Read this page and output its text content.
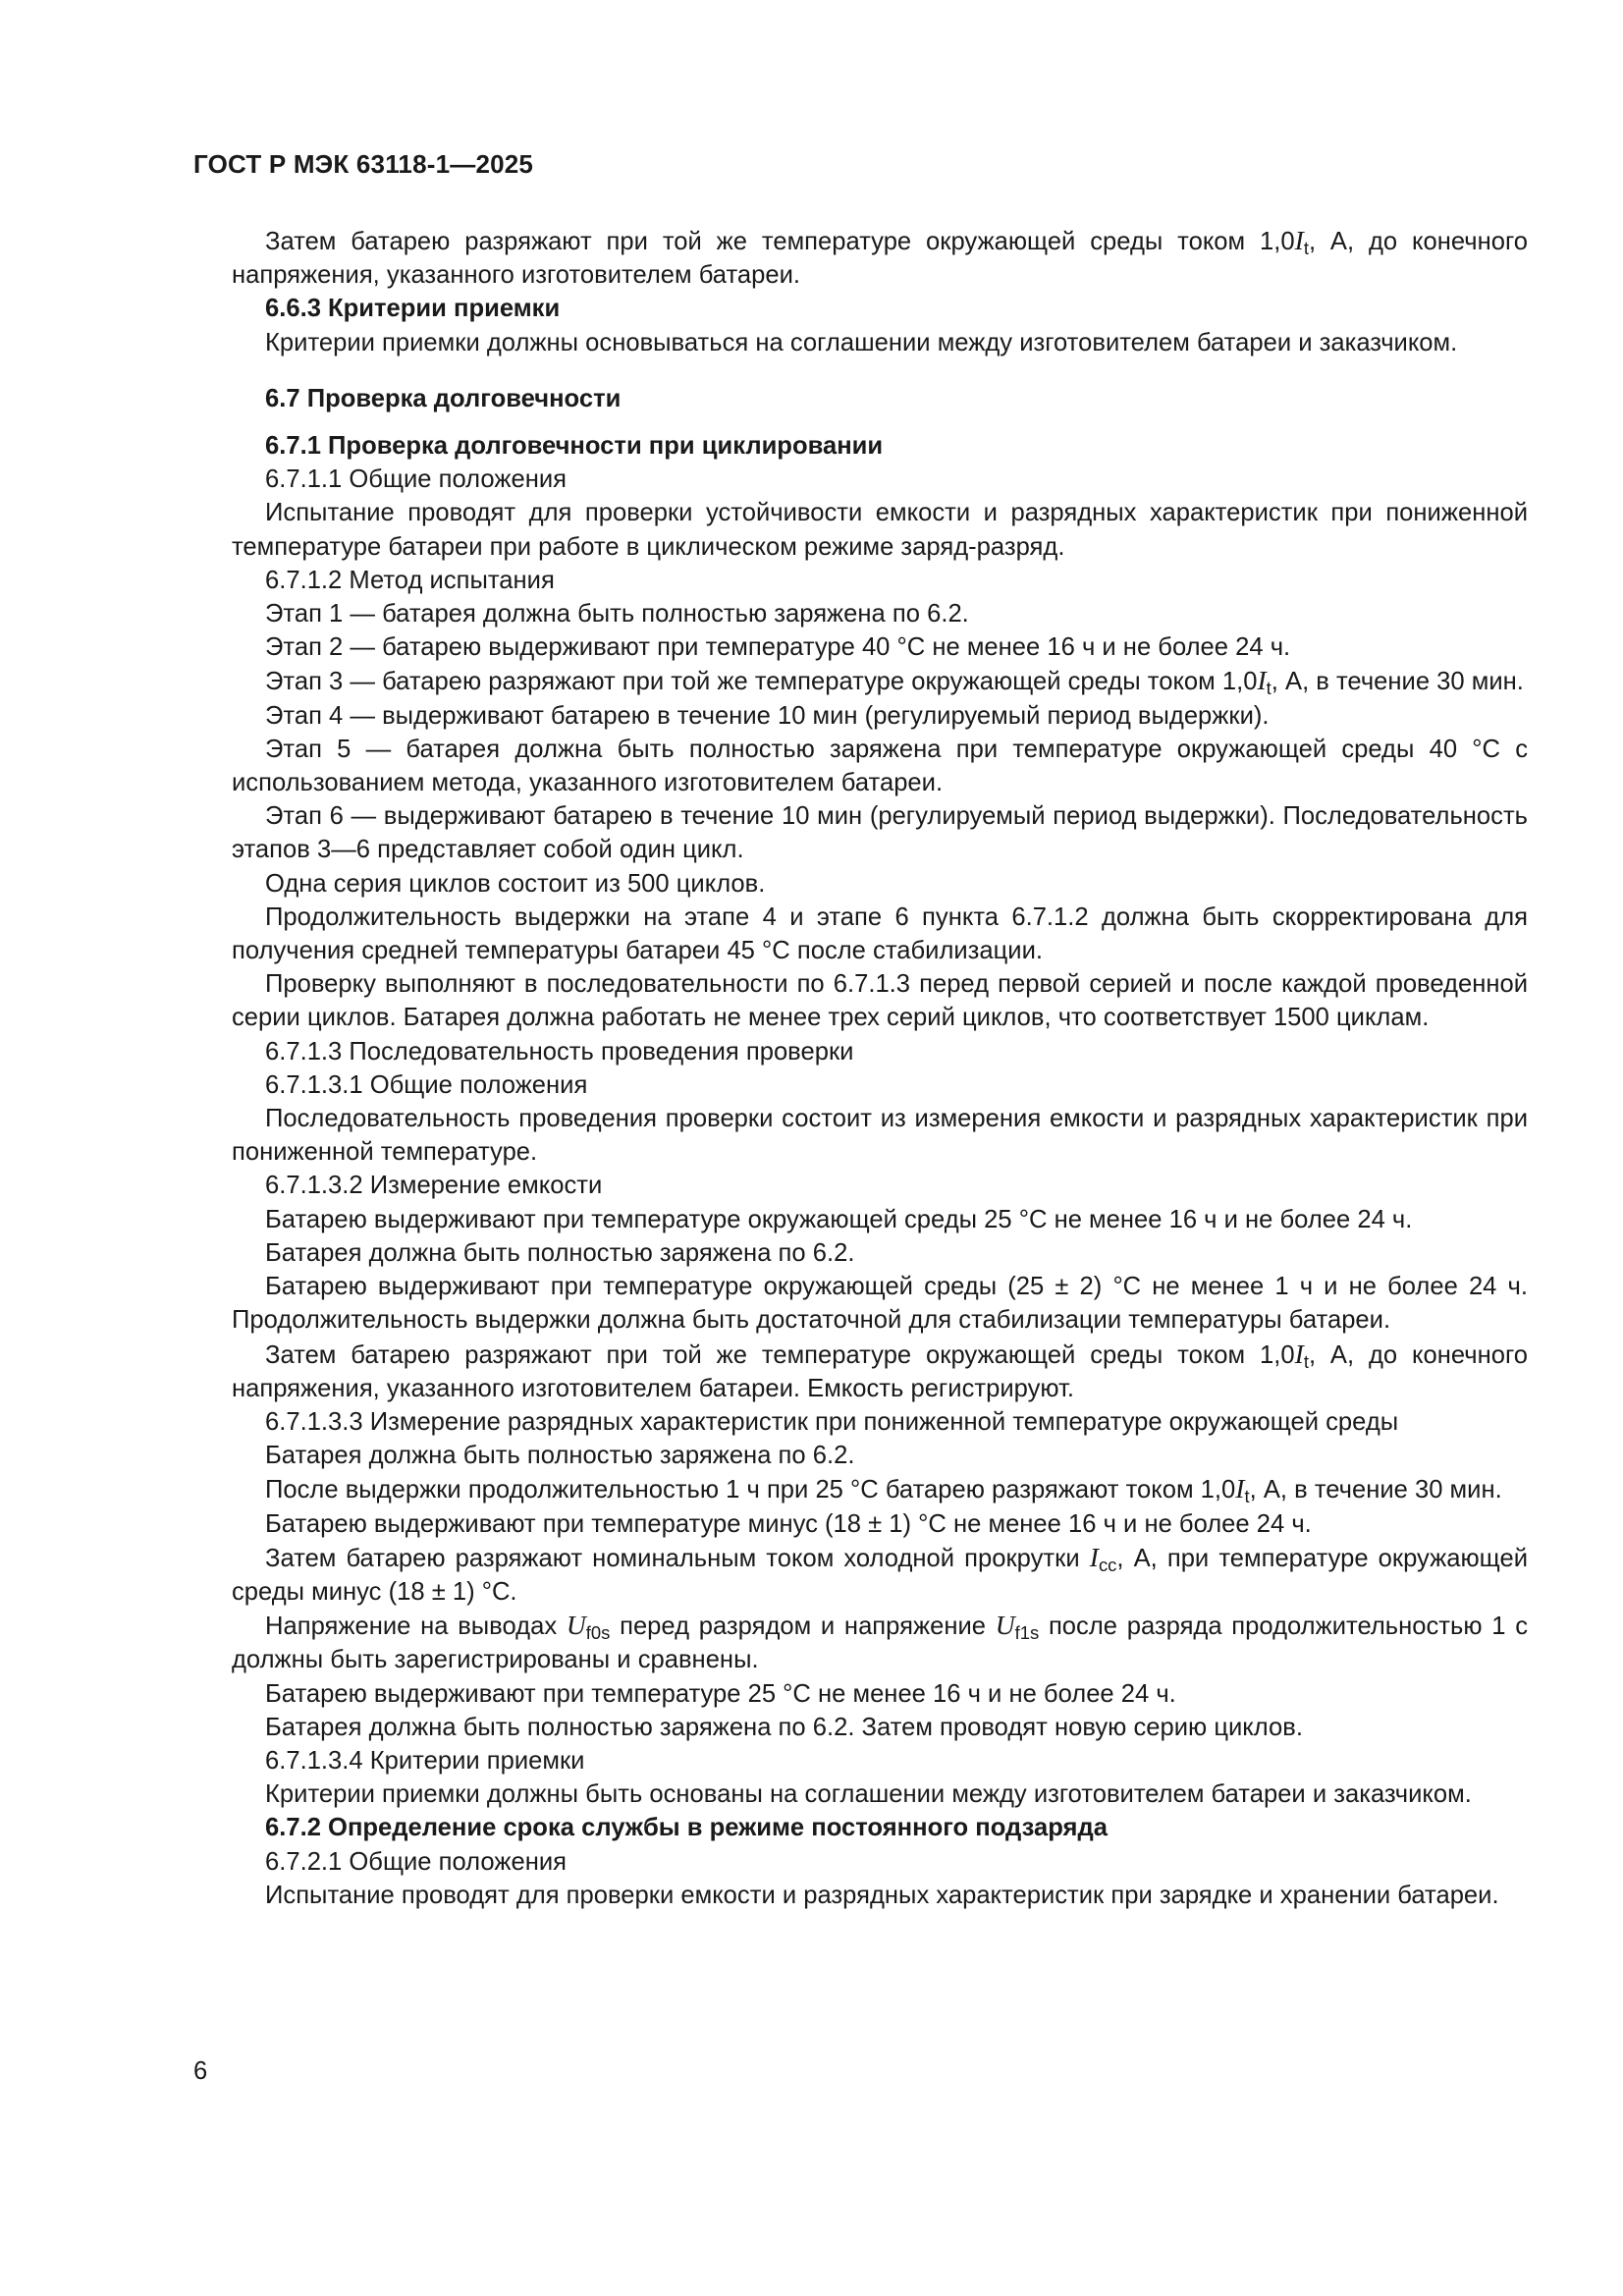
ГОСТ Р МЭК 63118-1—2025

Затем батарею разряжают при той же температуре окружающей среды током $1,0I_t$, А, до конечного напряжения, указанного изготовителем батареи.

6.6.3 Критерии приемки

Критерии приемки должны основываться на соглашении между изготовителем батареи и заказчиком.

6.7 Проверка долговечности

6.7.1 Проверка долговечности при циклировании

6.7.1.1 Общие положения

Испытание проводят для проверки устойчивости емкости и разрядных характеристик при пониженной температуре батареи при работе в циклическом режиме заряд-разряд.

6.7.1.2 Метод испытания

Этап 1 — батарея должна быть полностью заряжена по 6.2.

Этап 2 — батарею выдерживают при температуре 40 °С не менее 16 ч и не более 24 ч.

Этап 3 — батарею разряжают при той же температуре окружающей среды током $1,0I_t$, А, в течение 30 мин.

Этап 4 — выдерживают батарею в течение 10 мин (регулируемый период выдержки).

Этап 5 — батарея должна быть полностью заряжена при температуре окружающей среды 40 °С с использованием метода, указанного изготовителем батареи.

Этап 6 — выдерживают батарею в течение 10 мин (регулируемый период выдержки). Последовательность этапов 3—6 представляет собой один цикл.

Одна серия циклов состоит из 500 циклов.

Продолжительность выдержки на этапе 4 и этапе 6 пункта 6.7.1.2 должна быть скорректирована для получения средней температуры батареи 45 °С после стабилизации.

Проверку выполняют в последовательности по 6.7.1.3 перед первой серией и после каждой проведенной серии циклов. Батарея должна работать не менее трех серий циклов, что соответствует 1500 циклам.

6.7.1.3 Последовательность проведения проверки

6.7.1.3.1 Общие положения

Последовательность проведения проверки состоит из измерения емкости и разрядных характеристик при пониженной температуре.

6.7.1.3.2 Измерение емкости

Батарею выдерживают при температуре окружающей среды 25 °С не менее 16 ч и не более 24 ч.

Батарея должна быть полностью заряжена по 6.2.

Батарею выдерживают при температуре окружающей среды (25 ± 2) °С не менее 1 ч и не более 24 ч. Продолжительность выдержки должна быть достаточной для стабилизации температуры батареи.

Затем батарею разряжают при той же температуре окружающей среды током $1,0I_t$, А, до конечного напряжения, указанного изготовителем батареи. Емкость регистрируют.

6.7.1.3.3 Измерение разрядных характеристик при пониженной температуре окружающей среды

Батарея должна быть полностью заряжена по 6.2.

После выдержки продолжительностью 1 ч при 25 °С батарею разряжают током $1,0I_t$, А, в течение 30 мин.

Батарею выдерживают при температуре минус (18 ± 1) °С не менее 16 ч и не более 24 ч.

Затем батарею разряжают номинальным током холодной прокрутки $I_{cc}$, А, при температуре окружающей среды минус (18 ± 1) °С.

Напряжение на выводах $U_{f0s}$ перед разрядом и напряжение $U_{f1s}$ после разряда продолжительностью 1 с должны быть зарегистрированы и сравнены.

Батарею выдерживают при температуре 25 °С не менее 16 ч и не более 24 ч.

Батарея должна быть полностью заряжена по 6.2. Затем проводят новую серию циклов.

6.7.1.3.4 Критерии приемки

Критерии приемки должны быть основаны на соглашении между изготовителем батареи и заказчиком.

6.7.2 Определение срока службы в режиме постоянного подзаряда

6.7.2.1 Общие положения

Испытание проводят для проверки емкости и разрядных характеристик при зарядке и хранении батареи.

6
